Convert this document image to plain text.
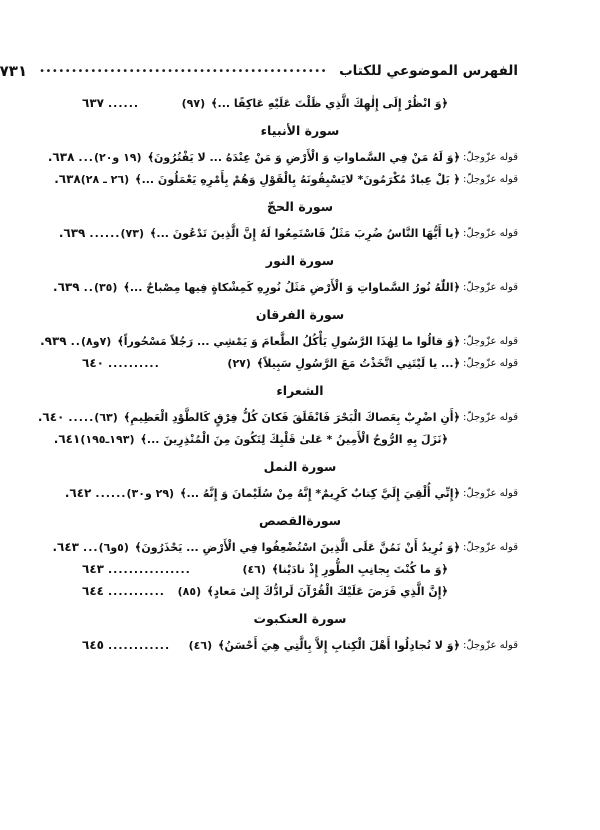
الفهرس الموضوعي للكتاب
•••••••••••••••••••••••••••••••••••••••••••••
٧٣١
﴿وَ انْظُرْ إِلَى إِلٰهِكَ الَّذِي ظَلْتَ عَلَيْهِ عَاكِفًا ...﴾
(٩٧)
......
٦٣٧
سورة الأنبياء
قوله عزّوجلّ:
﴿وَ لَهُ مَنْ فِي السَّماواتِ وَ الْأَرْضِ وَ مَنْ عِنْدَهُ ... لا يَفْتُرُونَ﴾
(١٩ و٢٠)
...
٦٣٨.
قوله عزّوجلّ:
﴿ بَلْ عِبادٌ مُكْرَمُونَ* لايَسْبِقُونَهُ بِالْقَوْلِ وَهُمْ بِأَمْرِهِ يَعْمَلُونَ ...﴾
(٢٦ ـ ٢٨)
٦٣٨.
سورة الحجّ
قوله عزّوجلّ:
﴿يا أَيُّهَا النَّاسُ ضُرِبَ مَثَلٌ فَاسْتَمِعُوا لَهُ إِنَّ الَّذِينَ تَدْعُونَ ...﴾
(٧٣)
......
٦٣٩.
سورة النور
قوله عزّوجلّ:
﴿اللّٰهُ نُورُ السَّماواتِ وَ الْأَرْضِ مَثَلُ نُورِهِ كَمِشْكاةٍ فِيها مِصْباحٌ ...﴾
(٣٥)
..
٦٣٩.
سورة الفرقان
قوله عزّوجلّ:
﴿وَ قالُوا ما لِهٰذَا الرَّسُولِ يَأْكُلُ الطَّعامَ وَ يَمْشِي ... رَجُلاً مَسْحُوراً﴾
(٧و٨)
..
٩٣٩.
قوله عزّوجلّ:
﴿... يا لَيْتَنِي اتَّخَذْتُ مَعَ الرَّسُولِ سَبِيلاً﴾
(٢٧)
..........
٦٤٠
الشعراء
قوله عزّوجلّ:
﴿أَنِ اضْرِبْ بِعَصاكَ الْبَحْرَ فَانْفَلَقَ فَكانَ كُلُّ فِرْقٍ كَالطَّوْدِ الْعَظِيمِ﴾
(٦٣)
.....
٦٤٠.
﴿نَزَلَ بِهِ الرُّوحُ الْأَمِينُ * عَلىٰ قَلْبِكَ لِتَكُونَ مِنَ الْمُنْذِرِينَ ...﴾
(١٩٣ـ١٩٥)
٦٤١.
سورة النمل
قوله عزّوجلّ:
﴿إِنِّي أُلْقِيَ إِلَيَّ كِتابٌ كَرِيمٌ* إِنَّهُ مِنْ سُلَيْمانَ وَ إِنَّهُ ...﴾
(٢٩ و٣٠)
......
٦٤٢.
سورةالقصص
قوله عزّوجلّ:
﴿وَ نُرِيدُ أَنْ نَمُنَّ عَلَى الَّذِينَ اسْتُضْعِفُوا فِي الْأَرْضِ ... يَحْذَرُونَ﴾
(٥و٦)
...
٦٤٣.
﴿وَ ما كُنْتَ بِجانِبِ الطُّورِ إِذْ نادَيْنا﴾
(٤٦)
................
٦٤٣
﴿إِنَّ الَّذِي فَرَضَ عَلَيْكَ الْقُرْآنَ لَرادُّكَ إِلىٰ مَعادٍ﴾
(٨٥)
...........
٦٤٤
سورة العنكبوت
قوله عزّوجلّ:
﴿وَ لا تُجادِلُوا أَهْلَ الْكِتابِ إِلاَّ بِالَّتِي هِيَ أَحْسَنُ﴾
(٤٦)
............
٦٤٥
